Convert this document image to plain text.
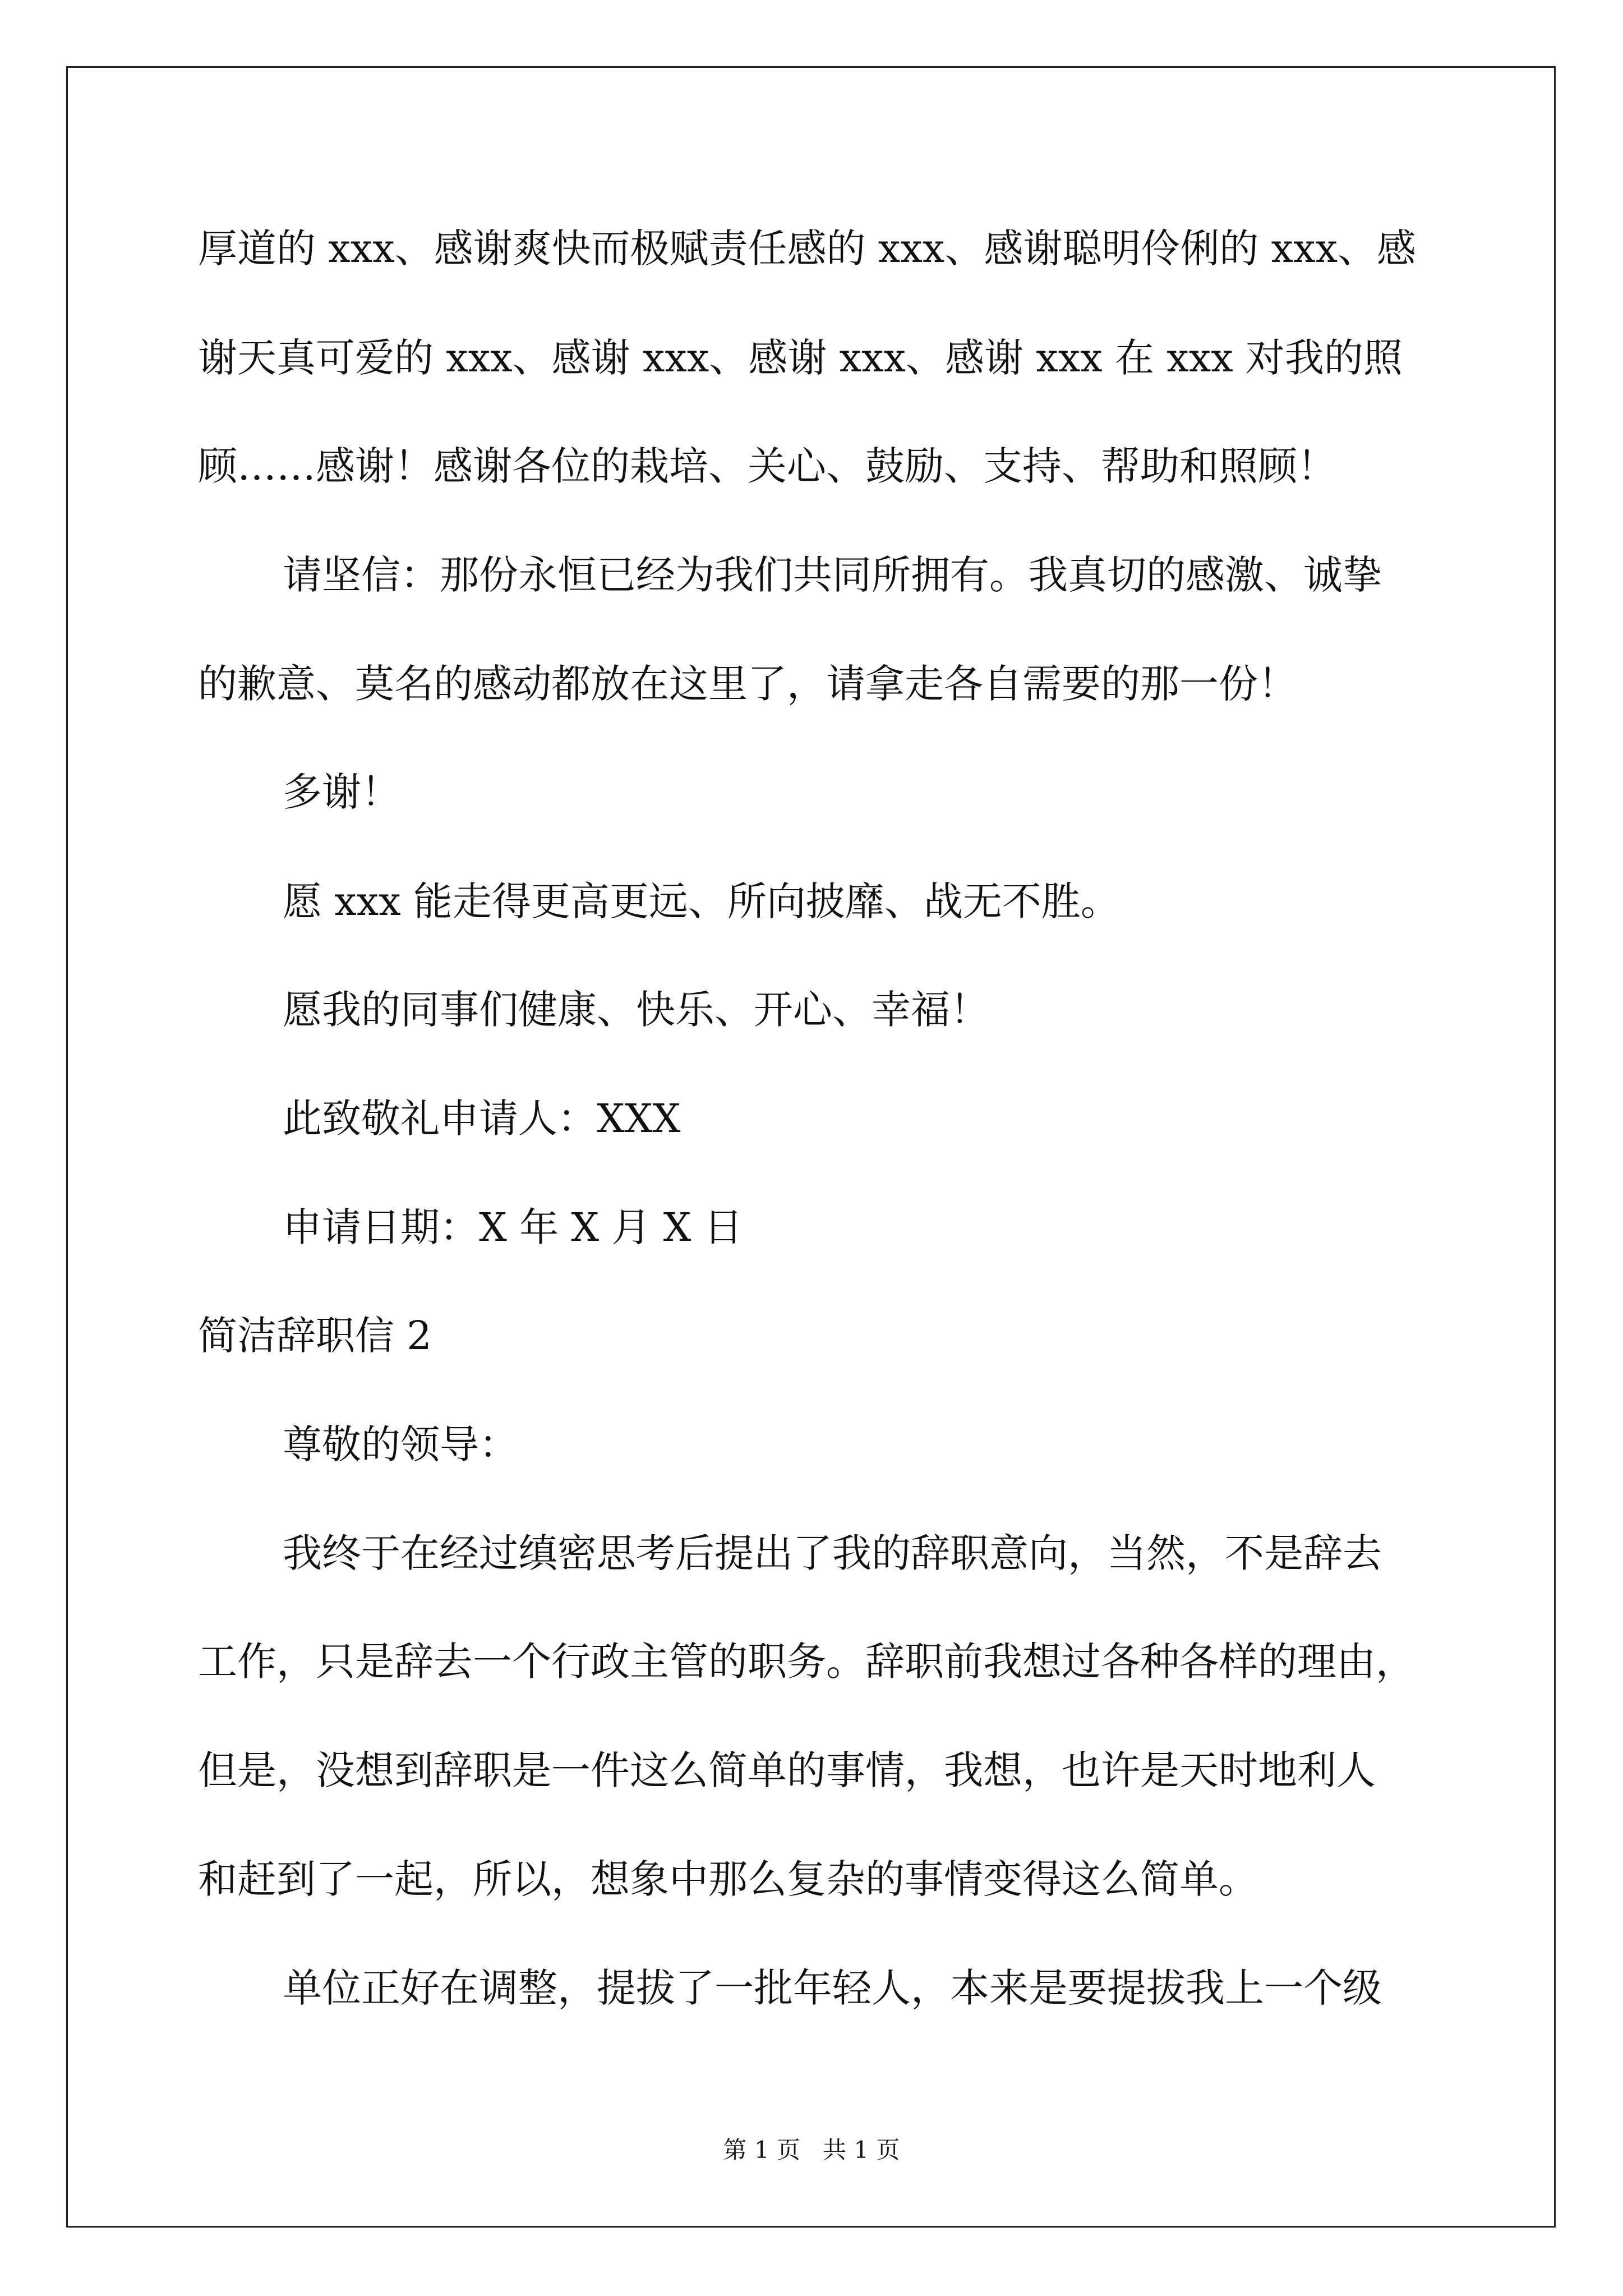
厚道的 xxx、感谢爽快而极赋责任感的 xxx、感谢聪明伶俐的 xxx、感
谢天真可爱的 xxx、感谢 xxx、感谢 xxx、感谢 xxx 在 xxx 对我的照
顾……感谢！感谢各位的栽培、关心、鼓励、支持、帮助和照顾！
请坚信：那份永恒已经为我们共同所拥有。我真切的感激、诚挚
的歉意、莫名的感动都放在这里了，请拿走各自需要的那一份！
多谢！
愿 xxx 能走得更高更远、所向披靡、战无不胜。
愿我的同事们健康、快乐、开心、幸福！
此致敬礼申请人：XXX
申请日期：X 年 X 月 X 日
简洁辞职信 2
尊敬的领导：
我终于在经过缜密思考后提出了我的辞职意向，当然，不是辞去
工作，只是辞去一个行政主管的职务。辞职前我想过各种各样的理由，
但是，没想到辞职是一件这么简单的事情，我想，也许是天时地利人
和赶到了一起，所以，想象中那么复杂的事情变得这么简单。
单位正好在调整，提拔了一批年轻人，本来是要提拔我上一个级
第 1 页   共 1 页
